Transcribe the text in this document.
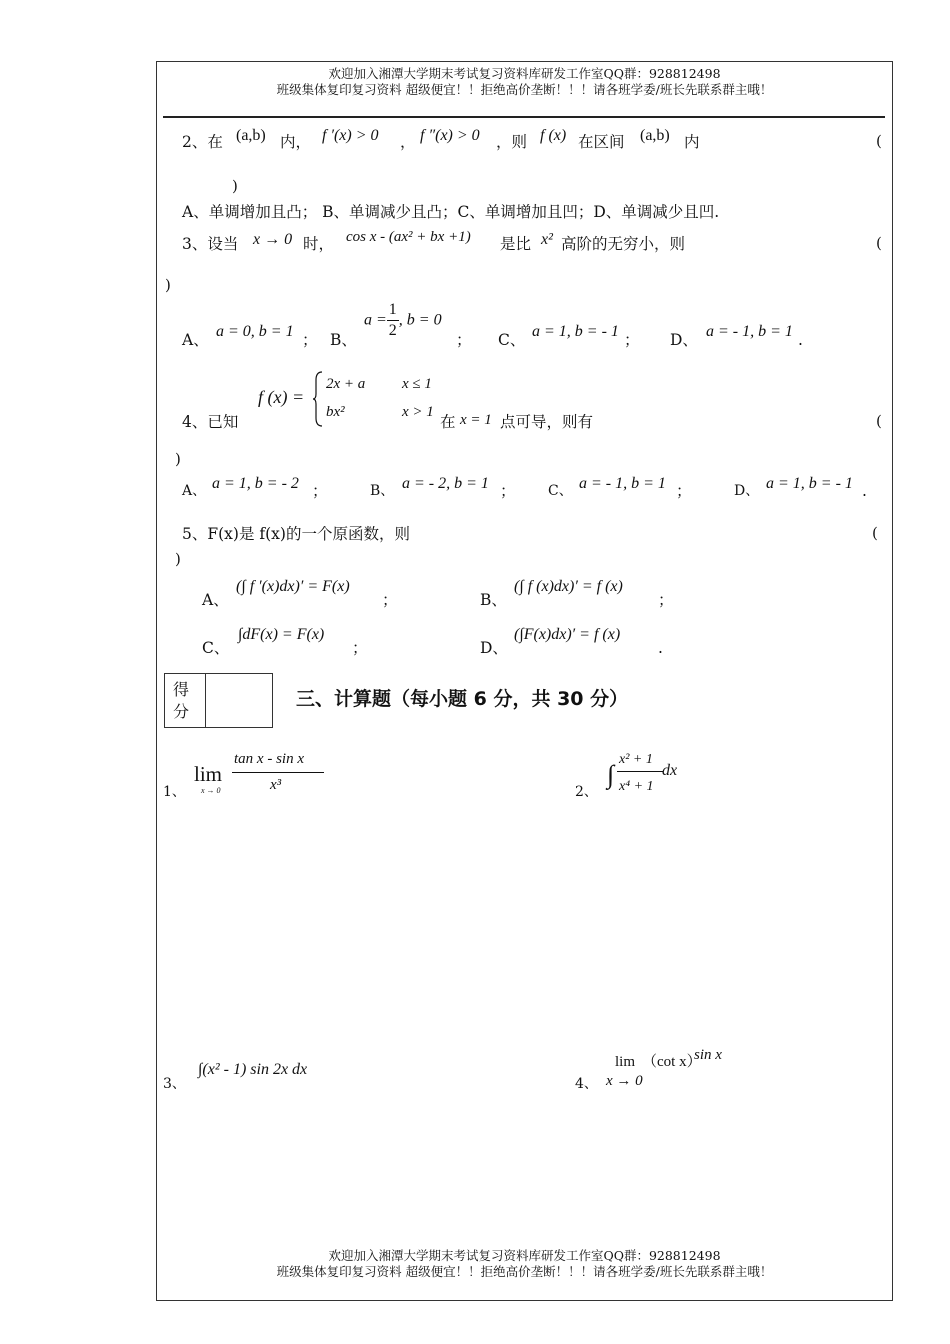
欢迎加入湘潭大学期末考试复习资料库研发工作室QQ群：928812498
班级集体复印复习资料 超级便宜！！拒绝高价垄断！！！请各班学委/班长先联系群主哦！
2、在 (a,b) 内， f ′(x) > 0 ， f ″(x) > 0 ，则 f (x) 在区间 (a,b) 内	(
)
A、单调增加且凸； B、单调减少且凸；C、单调增加且凹；D、单调减少且凹.
3、设当 x → 0 时， cos x - (ax² + bx +1) 是比 x² 高阶的无穷小，则	(
)
A、 a = 0, b = 1 ； B、
$a = \frac{1}{2}$ , b = 0
； C、 a = 1, b = - 1 ； D、 a = - 1, b = 1 .
4、已知
f (x) =
2x + a x ≤ 1
bx²	x > 1
在 x = 1 点可导，则有	(
)
A、 a = 1, b = - 2 ；	B、 a = - 2, b = 1 ； C、 a = - 1, b = 1 ；	D、 a = 1, b = - 1 .
5、F(x)是 f(x)的一个原函数，则	(
)
A、
(∫ f ′(x)dx)′ = F(x)
；	B、
(∫ f (x)dx)′ = f (x)
；
C、
∫dF(x) = F(x)
；	D、
(∫F(x)dx)′ = f (x)
.
得分
三、计算题（每小题 6 分，共 30 分）
1、
lim
x → 0
tan x - sin x
x³	2、
∫
x² + 1
x⁴ + 1
dx
3、
∫(x² - 1) sin 2x dx
4、
lim （cot x）
sin x
x → 0
欢迎加入湘潭大学期末考试复习资料库研发工作室QQ群：928812498
班级集体复印复习资料 超级便宜！！拒绝高价垄断！！！请各班学委/班长先联系群主哦！
